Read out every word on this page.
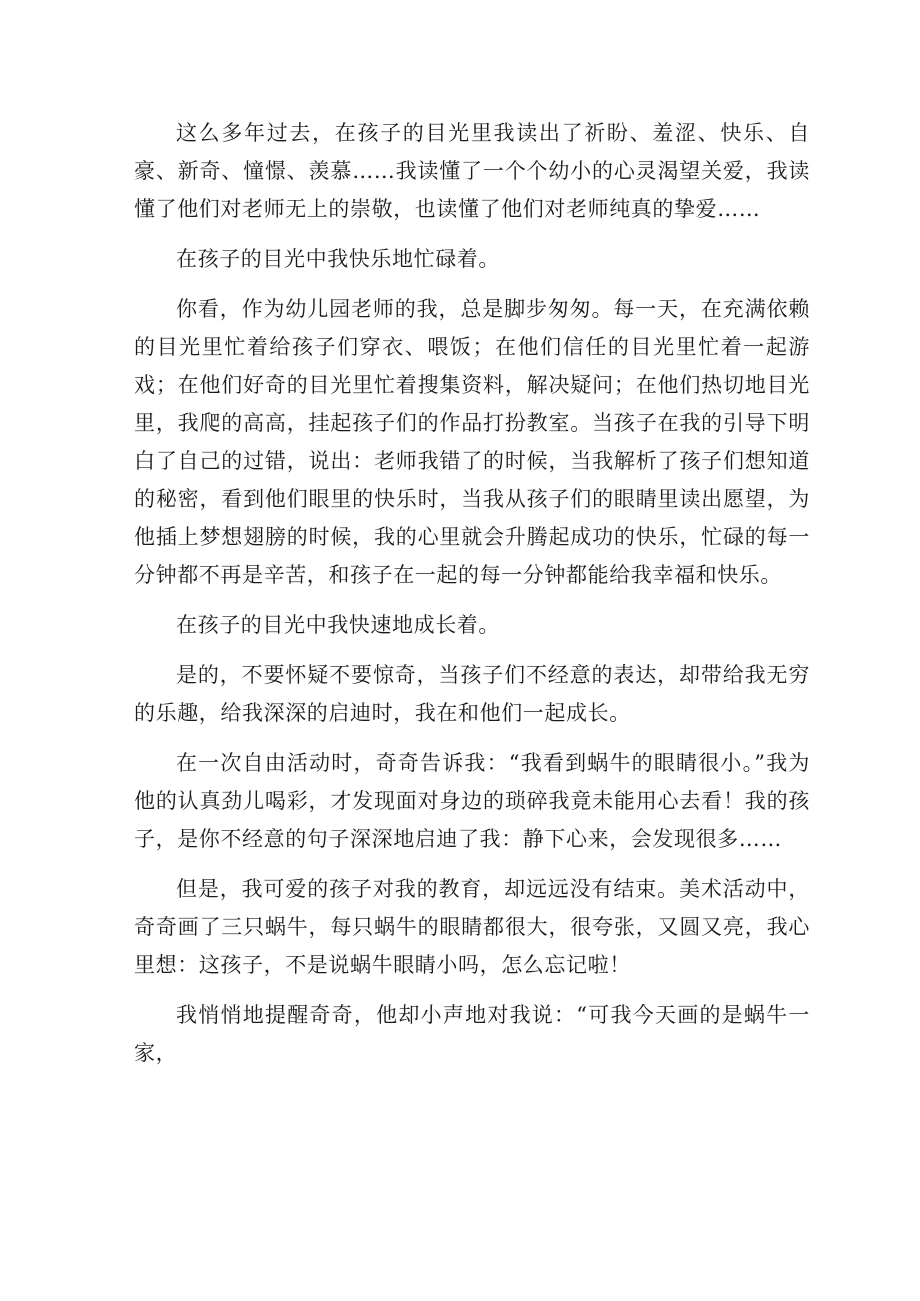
这么多年过去，在孩子的目光里我读出了祈盼、羞涩、快乐、自豪、新奇、憧憬、羡慕……我读懂了一个个幼小的心灵渴望关爱，我读懂了他们对老师无上的崇敬，也读懂了他们对老师纯真的挚爱……

在孩子的目光中我快乐地忙碌着。

你看，作为幼儿园老师的我，总是脚步匆匆。每一天，在充满依赖的目光里忙着给孩子们穿衣、喂饭；在他们信任的目光里忙着一起游戏；在他们好奇的目光里忙着搜集资料，解决疑问；在他们热切地目光里，我爬的高高，挂起孩子们的作品打扮教室。当孩子在我的引导下明白了自己的过错，说出：老师我错了的时候，当我解析了孩子们想知道的秘密，看到他们眼里的快乐时，当我从孩子们的眼睛里读出愿望，为他插上梦想翅膀的时候，我的心里就会升腾起成功的快乐，忙碌的每一分钟都不再是辛苦，和孩子在一起的每一分钟都能给我幸福和快乐。

在孩子的目光中我快速地成长着。

是的，不要怀疑不要惊奇，当孩子们不经意的表达，却带给我无穷的乐趣，给我深深的启迪时，我在和他们一起成长。

在一次自由活动时，奇奇告诉我：“我看到蜗牛的眼睛很小。”我为他的认真劲儿喝彩，才发现面对身边的琐碎我竟未能用心去看！我的孩子，是你不经意的句子深深地启迪了我：静下心来，会发现很多……

但是，我可爱的孩子对我的教育，却远远没有结束。美术活动中，奇奇画了三只蜗牛，每只蜗牛的眼睛都很大，很夸张，又圆又亮，我心里想：这孩子，不是说蜗牛眼睛小吗，怎么忘记啦！

我悄悄地提醒奇奇，他却小声地对我说：“可我今天画的是蜗牛一家，
